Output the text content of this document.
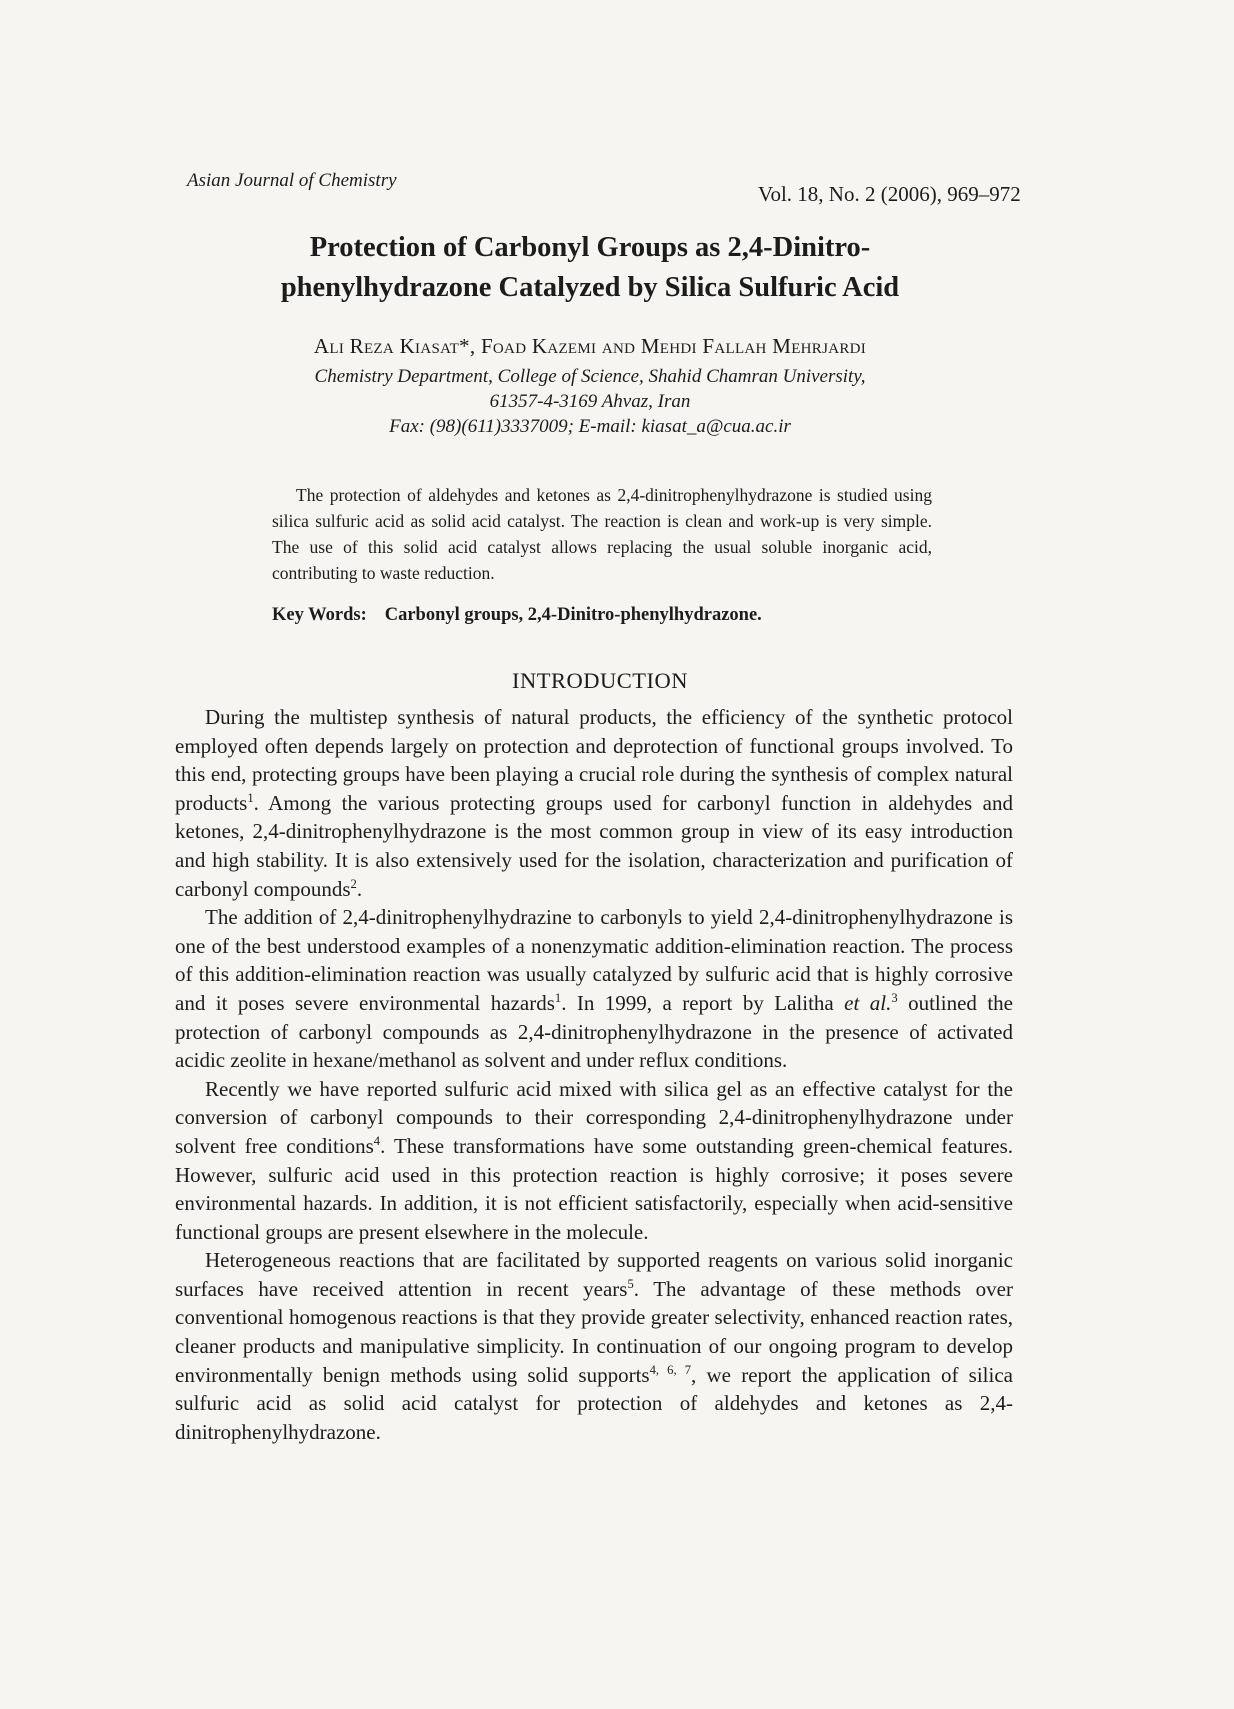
Asian Journal of Chemistry
Vol. 18, No. 2 (2006), 969–972
Protection of Carbonyl Groups as 2,4-Dinitro-
phenylhydrazone Catalyzed by Silica Sulfuric Acid
Ali Reza Kiasat*, Foad Kazemi and Mehdi Fallah Mehrjardi
Chemistry Department, College of Science, Shahid Chamran University,
61357-4-3169 Ahvaz, Iran
Fax: (98)(611)3337009; E-mail: kiasat_a@cua.ac.ir
The protection of aldehydes and ketones as 2,4-dinitrophenylhydrazone is studied using silica sulfuric acid as solid acid catalyst. The reaction is clean and work-up is very simple. The use of this solid acid catalyst allows replacing the usual soluble inorganic acid, contributing to waste reduction.
Key Words: Carbonyl groups, 2,4-Dinitro-phenylhydrazone.
INTRODUCTION

During the multistep synthesis of natural products, the efficiency of the synthetic protocol employed often depends largely on protection and deprotection of functional groups involved. To this end, protecting groups have been playing a crucial role during the synthesis of complex natural products$^1$. Among the various protecting groups used for carbonyl function in aldehydes and ketones, 2,4-dinitrophenylhydrazone is the most common group in view of its easy introduction and high stability. It is also extensively used for the isolation, characterization and purification of carbonyl compounds$^2$.

The addition of 2,4-dinitrophenylhydrazine to carbonyls to yield 2,4-dinitrophenylhydrazone is one of the best understood examples of a nonenzymatic addition-elimination reaction. The process of this addition-elimination reaction was usually catalyzed by sulfuric acid that is highly corrosive and it poses severe environmental hazards$^1$. In 1999, a report by Lalitha et al.$^3$ outlined the protection of carbonyl compounds as 2,4-dinitrophenylhydrazone in the presence of activated acidic zeolite in hexane/methanol as solvent and under reflux conditions.

Recently we have reported sulfuric acid mixed with silica gel as an effective catalyst for the conversion of carbonyl compounds to their corresponding 2,4-dinitrophenylhydrazone under solvent free conditions$^4$. These transformations have some outstanding green-chemical features. However, sulfuric acid used in this protection reaction is highly corrosive; it poses severe environmental hazards. In addition, it is not efficient satisfactorily, especially when acid-sensitive functional groups are present elsewhere in the molecule.

Heterogeneous reactions that are facilitated by supported reagents on various solid inorganic surfaces have received attention in recent years$^5$. The advantage of these methods over conventional homogenous reactions is that they provide greater selectivity, enhanced reaction rates, cleaner products and manipulative simplicity. In continuation of our ongoing program to develop environmentally benign methods using solid supports$^{4, 6, 7}$, we report the application of silica sulfuric acid as solid acid catalyst for protection of aldehydes and ketones as 2,4-dinitrophenylhydrazone.
